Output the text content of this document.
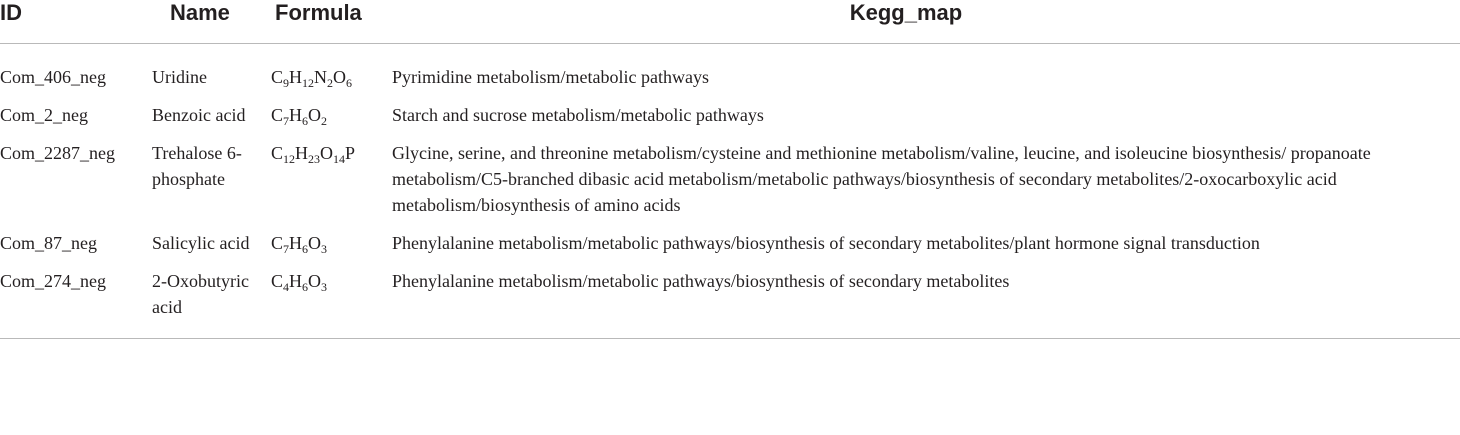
ID	Name	Formula	Kegg_map
Com_406_neg	Uridine	$C_9H_{12}N_2O_6$	Pyrimidine metabolism/metabolic pathways
Com_2_neg	Benzoic acid	$C_7H_6O_2$	Starch and sucrose metabolism/metabolic pathways
Com_2287_neg	Trehalose 6-phosphate	$C_{12}H_{23}O_{14}P$	Glycine, serine, and threonine metabolism/cysteine and methionine metabolism/valine, leucine, and isoleucine biosynthesis/ propanoate metabolism/C5-branched dibasic acid metabolism/metabolic pathways/biosynthesis of secondary metabolites/2-oxocarboxylic acid metabolism/biosynthesis of amino acids
Com_87_neg	Salicylic acid	$C_7H_6O_3$	Phenylalanine metabolism/metabolic pathways/biosynthesis of secondary metabolites/plant hormone signal transduction
Com_274_neg	2-Oxobutyric acid	$C_4H_6O_3$	Phenylalanine metabolism/metabolic pathways/biosynthesis of secondary metabolites
